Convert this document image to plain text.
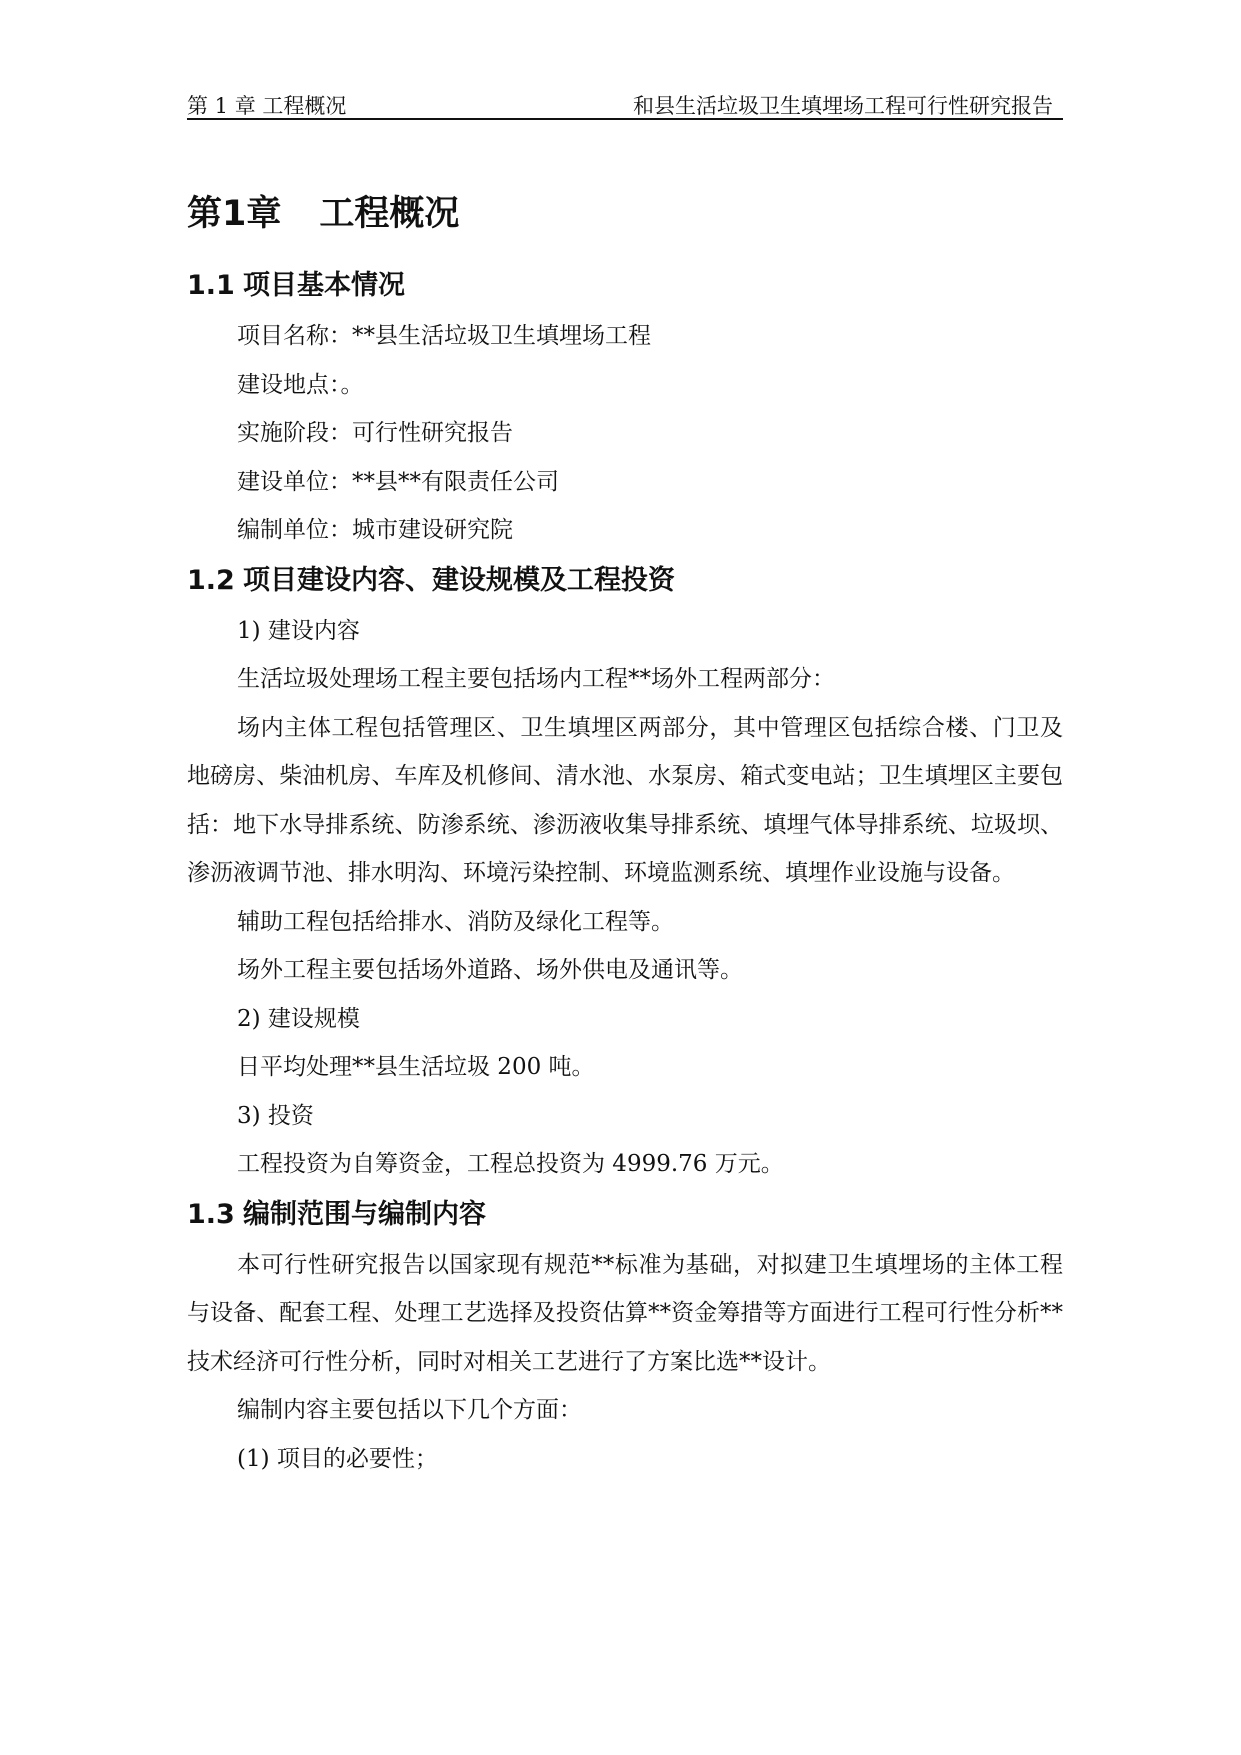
第 1 章 工程概况	和县生活垃圾卫生填埋场工程可行性研究报告
第1章 工程概况
1.1 项目基本情况

项目名称：**县生活垃圾卫生填埋场工程

建设地点：。

实施阶段：可行性研究报告

建设单位：**县**有限责任公司

编制单位：城市建设研究院

1.2 项目建设内容、建设规模及工程投资

1) 建设内容

生活垃圾处理场工程主要包括场内工程**场外工程两部分：

场内主体工程包括管理区、卫生填埋区两部分，其中管理区包括综合楼、门卫及地磅房、柴油机房、车库及机修间、清水池、水泵房、箱式变电站；卫生填埋区主要包括：地下水导排系统、防渗系统、渗沥液收集导排系统、填埋气体导排系统、垃圾坝、渗沥液调节池、排水明沟、环境污染控制、环境监测系统、填埋作业设施与设备。

辅助工程包括给排水、消防及绿化工程等。

场外工程主要包括场外道路、场外供电及通讯等。

2) 建设规模

日平均处理**县生活垃圾 200 吨。

3) 投资

工程投资为自筹资金，工程总投资为 4999.76 万元。

1.3 编制范围与编制内容

本可行性研究报告以国家现有规范**标准为基础，对拟建卫生填埋场的主体工程与设备、配套工程、处理工艺选择及投资估算**资金筹措等方面进行工程可行性分析**技术经济可行性分析，同时对相关工艺进行了方案比选**设计。

编制内容主要包括以下几个方面：

(1) 项目的必要性；
